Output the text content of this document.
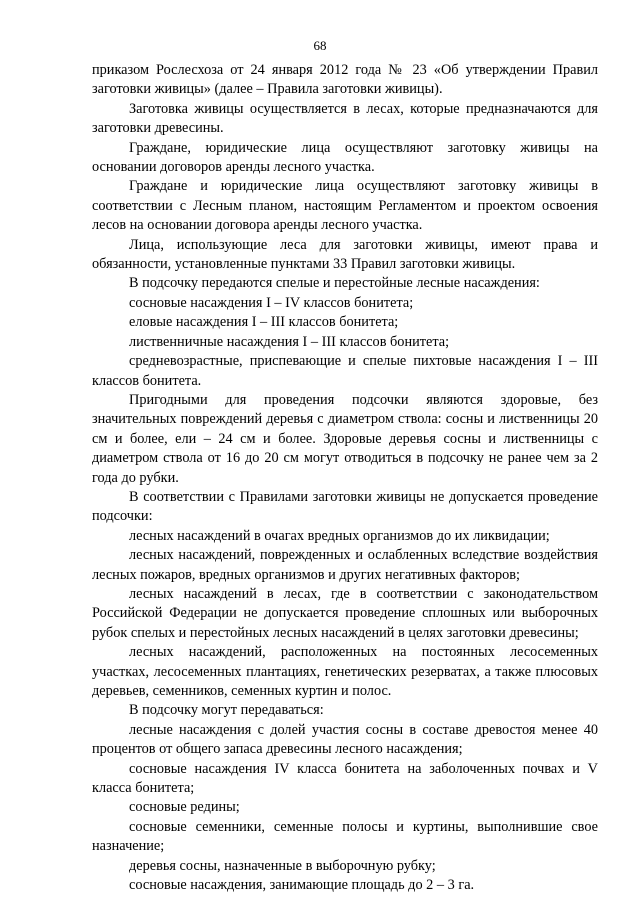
68

приказом Рослесхоза от 24 января 2012 года № 23 «Об утверждении Правил заготовки живицы» (далее – Правила заготовки живицы).

Заготовка живицы осуществляется в лесах, которые предназначаются для заготовки древесины.

Граждане, юридические лица осуществляют заготовку живицы на основании договоров аренды лесного участка.

Граждане и юридические лица осуществляют заготовку живицы в соответствии с Лесным планом, настоящим Регламентом и проектом освоения лесов на основании договора аренды лесного участка.

Лица, использующие леса для заготовки живицы, имеют права и обязанности, установленные пунктами 33 Правил заготовки живицы.

В подсочку передаются спелые и перестойные лесные насаждения:

сосновые насаждения I – IV классов бонитета;

еловые насаждения I – III классов бонитета;

лиственничные насаждения I – III классов бонитета;

средневозрастные, приспевающие и спелые пихтовые насаждения I – III классов бонитета.

Пригодными для проведения подсочки являются здоровые, без значительных повреждений деревья с диаметром ствола: сосны и лиственницы 20 см и более, ели – 24 см и более. Здоровые деревья сосны и лиственницы с диаметром ствола от 16 до 20 см могут отводиться в подсочку не ранее чем за 2 года до рубки.

В соответствии с Правилами заготовки живицы не допускается проведение подсочки:

лесных насаждений в очагах вредных организмов до их ликвидации;

лесных насаждений, поврежденных и ослабленных вследствие воздействия лесных пожаров, вредных организмов и других негативных факторов;

лесных насаждений в лесах, где в соответствии с законодательством Российской Федерации не допускается проведение сплошных или выборочных рубок спелых и перестойных лесных насаждений в целях заготовки древесины;

лесных насаждений, расположенных на постоянных лесосеменных участках, лесосеменных плантациях, генетических резерватах, а также плюсовых деревьев, семенников, семенных куртин и полос.

В подсочку могут передаваться:

лесные насаждения с долей участия сосны в составе древостоя менее 40 процентов от общего запаса древесины лесного насаждения;

сосновые насаждения IV класса бонитета на заболоченных почвах и V класса бонитета;

сосновые редины;

сосновые семенники, семенные полосы и куртины, выполнившие свое назначение;

деревья сосны, назначенные в выборочную рубку;

сосновые насаждения, занимающие площадь до 2 – 3 га.
